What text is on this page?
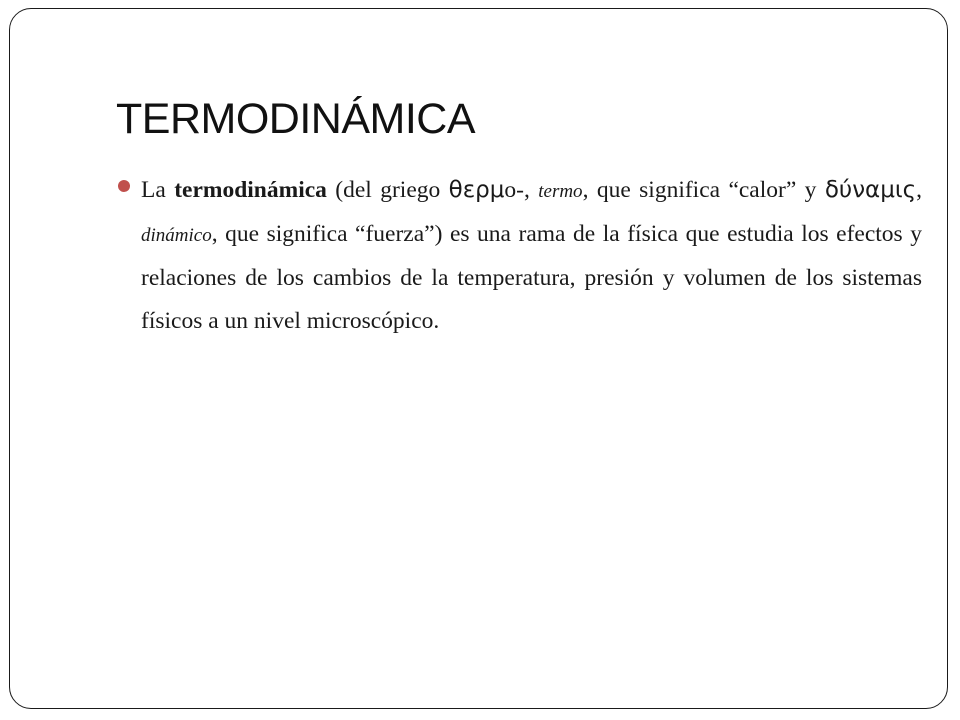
TERMODINÁMICA

La termodinámica (del griego θερμo-, termo, que significa “calor” y δύναμις, dinámico, que significa “fuerza”) es una rama de la física que estudia los efectos y relaciones de los cambios de la temperatura, presión y volumen de los sistemas físicos a un nivel microscópico.
